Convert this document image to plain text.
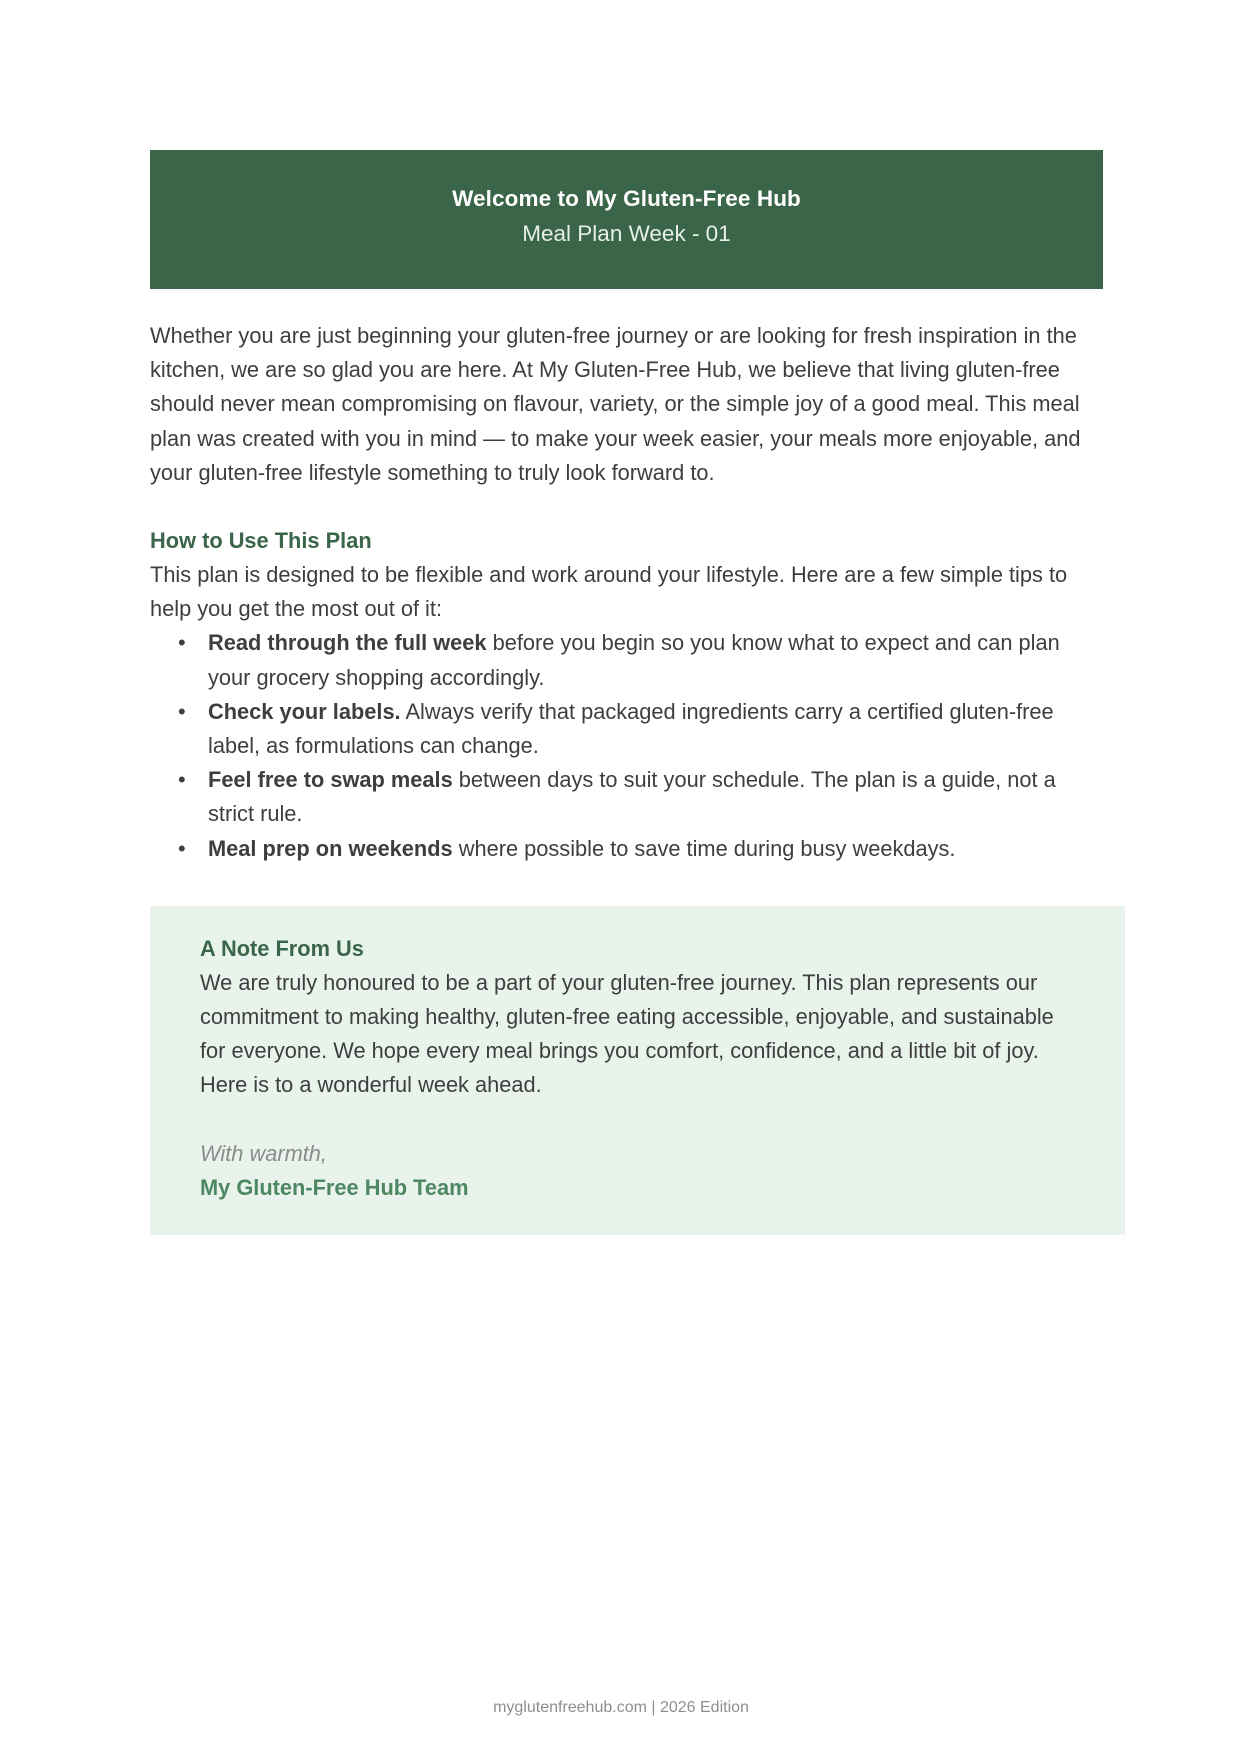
Welcome to My Gluten-Free Hub
Meal Plan Week - 01

Whether you are just beginning your gluten-free journey or are looking for fresh inspiration in the kitchen, we are so glad you are here. At My Gluten-Free Hub, we believe that living gluten-free should never mean compromising on flavour, variety, or the simple joy of a good meal. This meal plan was created with you in mind — to make your week easier, your meals more enjoyable, and your gluten-free lifestyle something to truly look forward to.

How to Use This Plan

This plan is designed to be flexible and work around your lifestyle. Here are a few simple tips to help you get the most out of it:

• Read through the full week before you begin so you know what to expect and can plan your grocery shopping accordingly.
• Check your labels. Always verify that packaged ingredients carry a certified gluten-free label, as formulations can change.
• Feel free to swap meals between days to suit your schedule. The plan is a guide, not a strict rule.
• Meal prep on weekends where possible to save time during busy weekdays.
A Note From Us

We are truly honoured to be a part of your gluten-free journey. This plan represents our commitment to making healthy, gluten-free eating accessible, enjoyable, and sustainable for everyone. We hope every meal brings you comfort, confidence, and a little bit of joy. Here is to a wonderful week ahead.

With warmth,

My Gluten-Free Hub Team

myglutenfreehub.com | 2026 Edition
